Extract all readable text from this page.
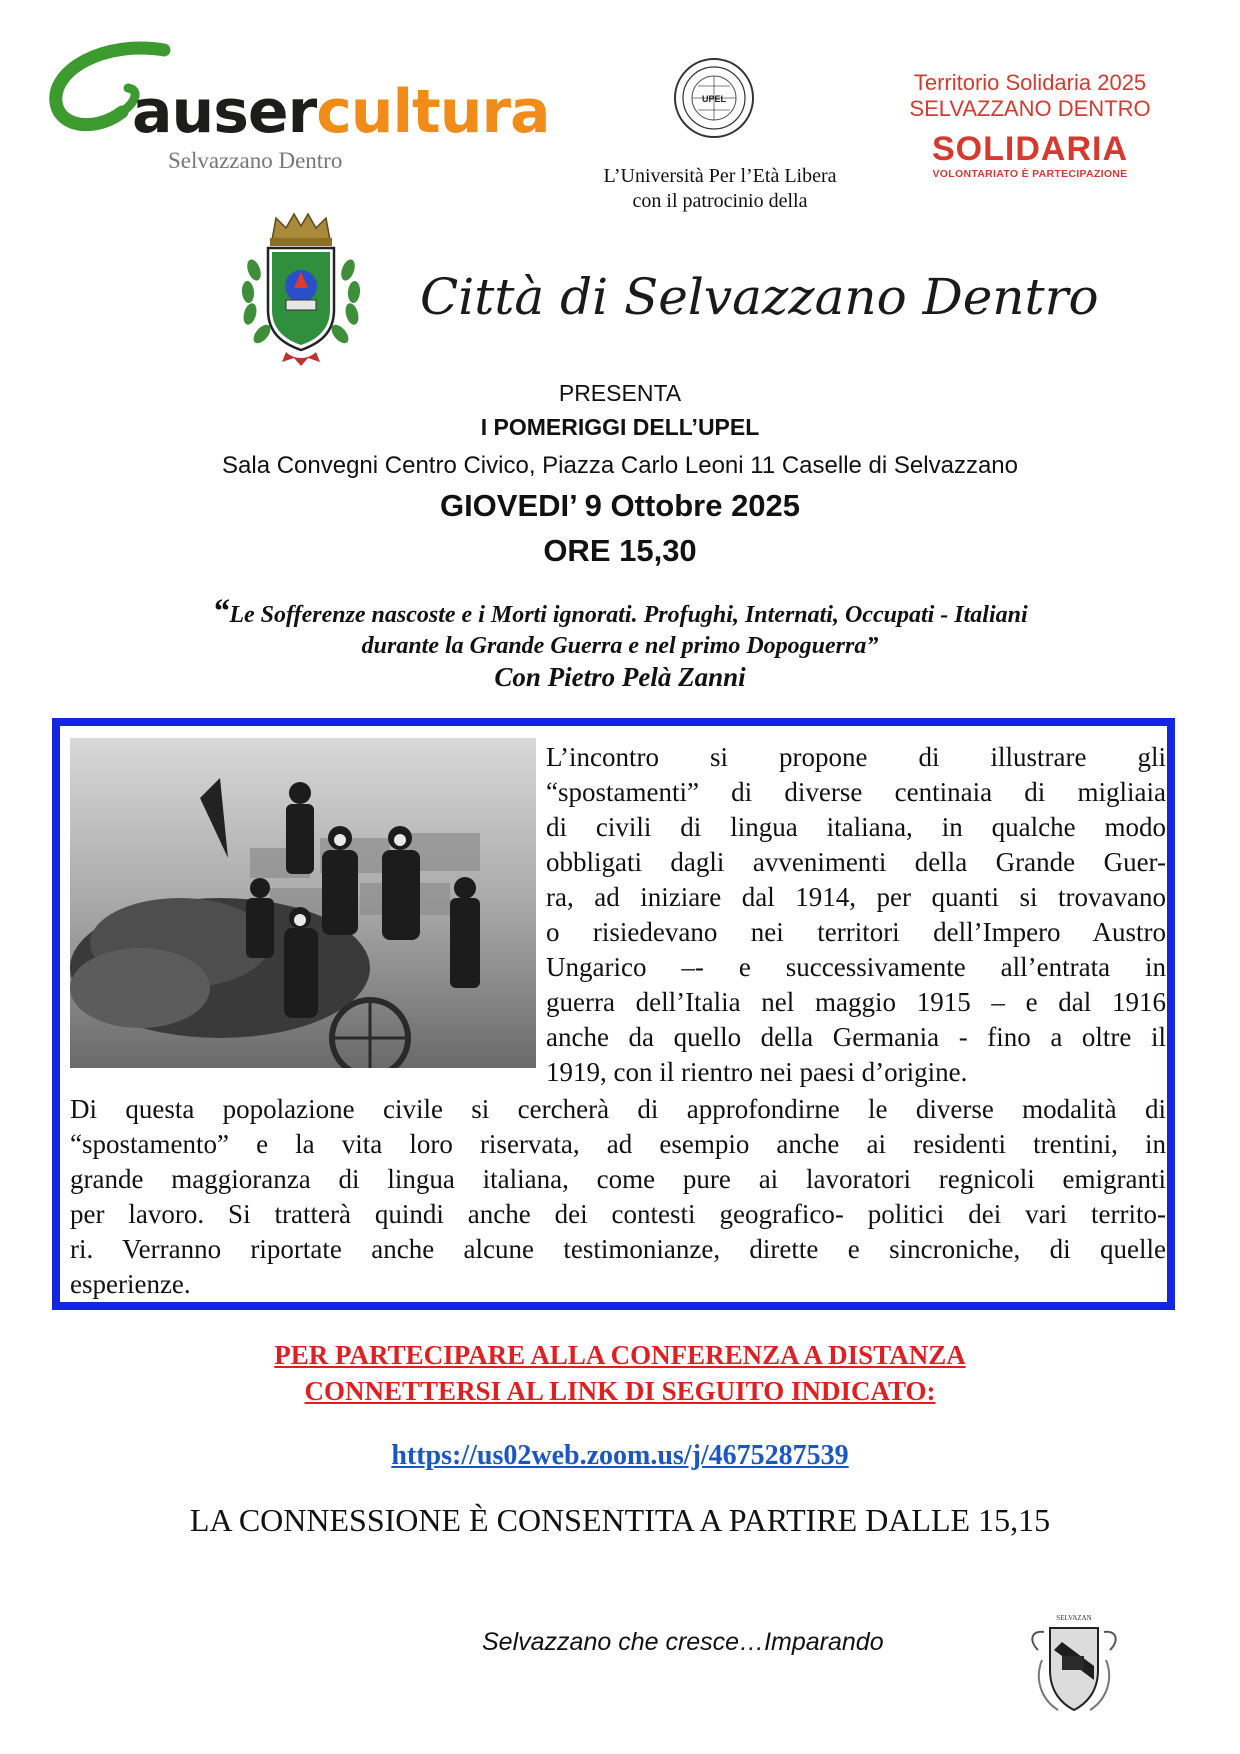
ausercultura
Selvazzano Dentro
UPEL
L’Università Per l’Età Libera
con il patrocinio della
Territorio Solidaria 2025
SELVAZZANO DENTRO
SOLIDARIA
VOLONTARIATO È PARTECIPAZIONE
Città di Selvazzano Dentro
PRESENTA
I POMERIGGI DELL’UPEL
Sala Convegni Centro Civico, Piazza Carlo Leoni 11 Caselle di Selvazzano
GIOVEDI’ 9 Ottobre 2025
ORE 15,30
“Le Sofferenze nascoste e i Morti ignorati. Profughi, Internati, Occupati - Italiani
durante la Grande Guerra e nel primo Dopoguerra”
Con Pietro Pelà Zanni
L’incontro si propone di illustrare gli
“spostamenti” di diverse centinaia di migliaia
di civili di lingua italiana, in qualche modo
obbligati dagli avvenimenti della Grande Guer-
ra, ad iniziare dal 1914, per quanti si trovavano
o risiedevano nei territori dell’Impero Austro
Ungarico –- e successivamente all’entrata in
guerra dell’Italia nel maggio 1915 – e dal 1916
anche da quello della Germania - fino a oltre il
1919, con il rientro nei paesi d’origine.
Di questa popolazione civile si cercherà di approfondirne le diverse modalità di
“spostamento” e la vita loro riservata, ad esempio anche ai residenti trentini, in
grande maggioranza di lingua italiana, come pure ai lavoratori regnicoli emigranti
per lavoro. Si tratterà quindi anche dei contesti geografico- politici dei vari territo-
ri. Verranno riportate anche alcune testimonianze, dirette e sincroniche, di quelle
esperienze.
PER PARTECIPARE ALLA CONFERENZA A DISTANZA
CONNETTERSI AL LINK DI SEGUITO INDICATO:
https://us02web.zoom.us/j/4675287539
LA CONNESSIONE È CONSENTITA A PARTIRE DALLE 15,15
Selvazzano che cresce…Imparando
SELVAZAN
